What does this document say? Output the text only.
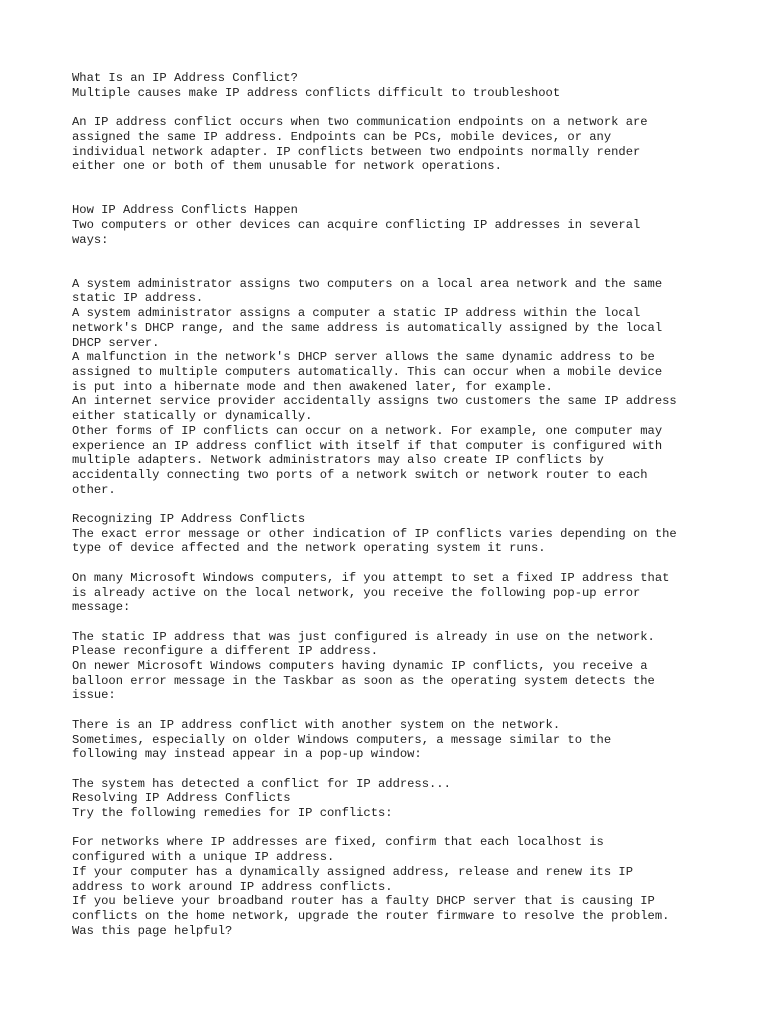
What Is an IP Address Conflict?

Multiple causes make IP address conflicts difficult to troubleshoot

An IP address conflict occurs when two communication endpoints on a network are

assigned the same IP address. Endpoints can be PCs, mobile devices, or any

individual network adapter. IP conflicts between two endpoints normally render

either one or both of them unusable for network operations.

How IP Address Conflicts Happen

Two computers or other devices can acquire conflicting IP addresses in several

ways:

A system administrator assigns two computers on a local area network and the same

static IP address.

A system administrator assigns a computer a static IP address within the local

network's DHCP range, and the same address is automatically assigned by the local

DHCP server.

A malfunction in the network's DHCP server allows the same dynamic address to be

assigned to multiple computers automatically. This can occur when a mobile device

is put into a hibernate mode and then awakened later, for example.

An internet service provider accidentally assigns two customers the same IP address

either statically or dynamically.

Other forms of IP conflicts can occur on a network. For example, one computer may

experience an IP address conflict with itself if that computer is configured with

multiple adapters. Network administrators may also create IP conflicts by

accidentally connecting two ports of a network switch or network router to each

other.

Recognizing IP Address Conflicts

The exact error message or other indication of IP conflicts varies depending on the

type of device affected and the network operating system it runs.

On many Microsoft Windows computers, if you attempt to set a fixed IP address that

is already active on the local network, you receive the following pop-up error

message:

The static IP address that was just configured is already in use on the network.

Please reconfigure a different IP address.

On newer Microsoft Windows computers having dynamic IP conflicts, you receive a

balloon error message in the Taskbar as soon as the operating system detects the

issue:

There is an IP address conflict with another system on the network.

Sometimes, especially on older Windows computers, a message similar to the

following may instead appear in a pop-up window:

The system has detected a conflict for IP address...

Resolving IP Address Conflicts

Try the following remedies for IP conflicts:

For networks where IP addresses are fixed, confirm that each localhost is

configured with a unique IP address.

If your computer has a dynamically assigned address, release and renew its IP

address to work around IP address conflicts.

If you believe your broadband router has a faulty DHCP server that is causing IP

conflicts on the home network, upgrade the router firmware to resolve the problem.

Was this page helpful?
